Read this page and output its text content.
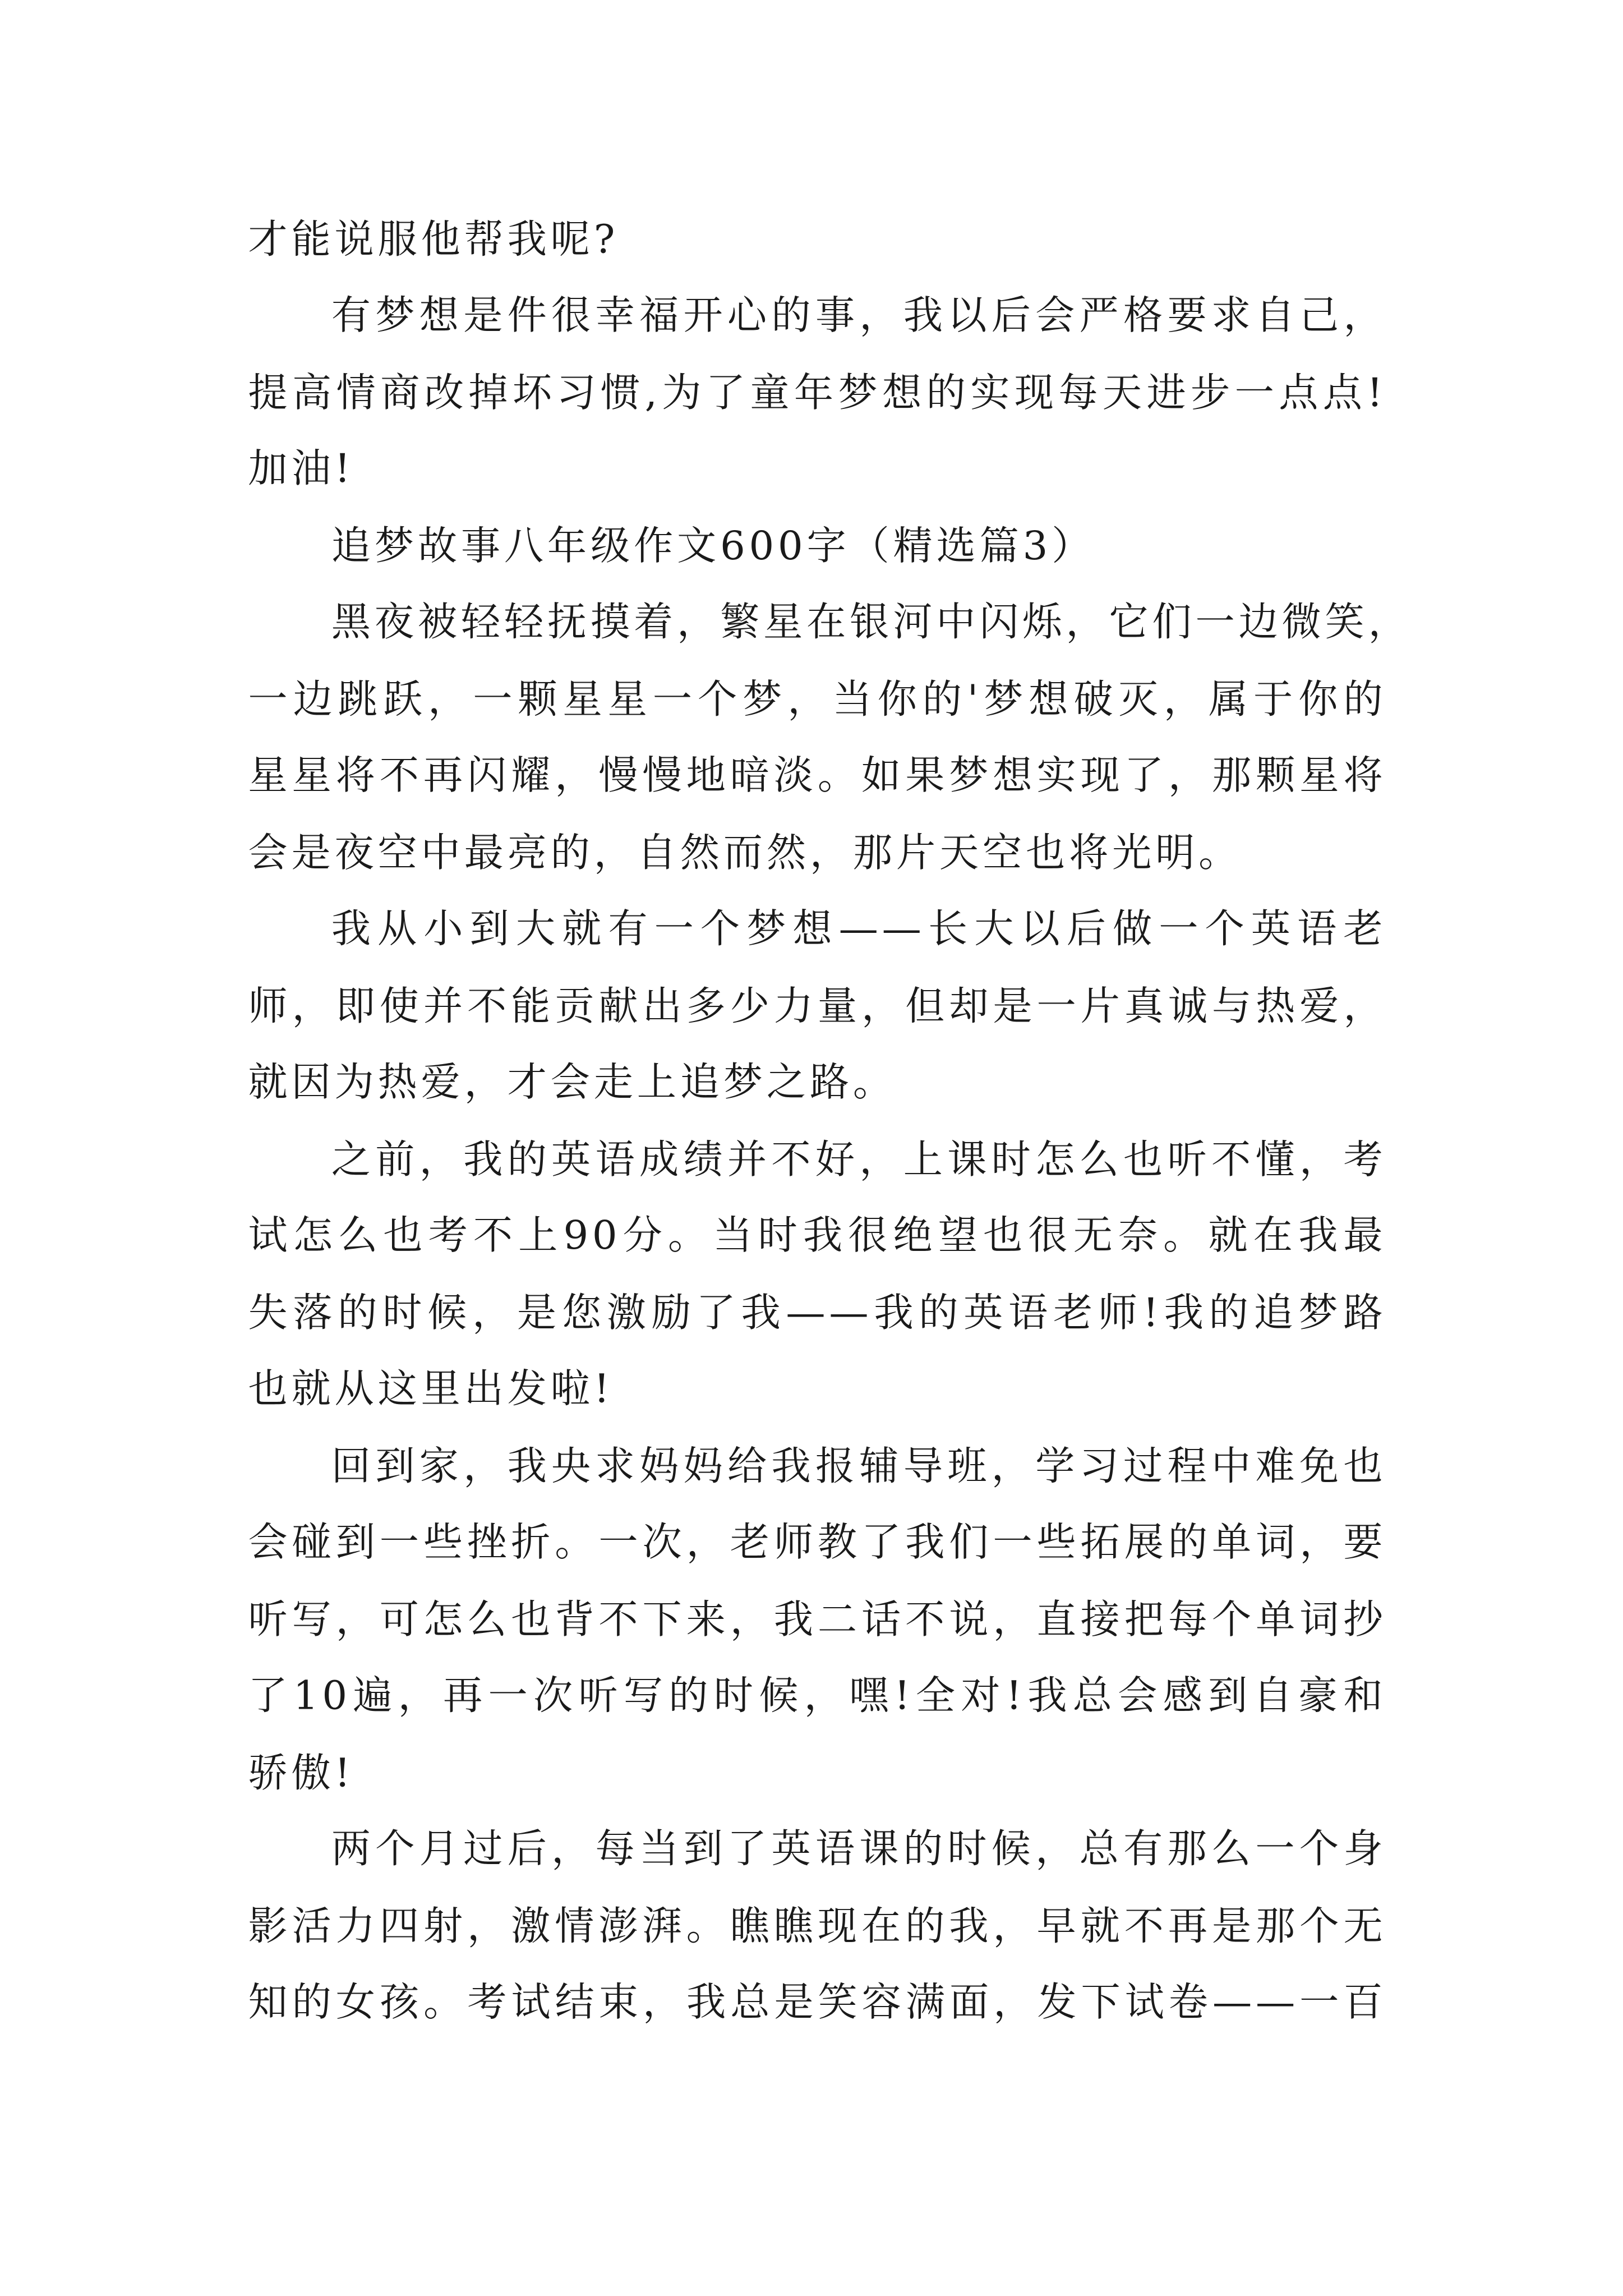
才能说服他帮我呢?
有梦想是件很幸福开心的事，我以后会严格要求自己，
提高情商改掉坏习惯,为了童年梦想的实现每天进步一点点!
加油!
追梦故事八年级作文600字（精选篇3）
黑夜被轻轻抚摸着，繁星在银河中闪烁，它们一边微笑，
一边跳跃，一颗星星一个梦，当你的'梦想破灭，属于你的
星星将不再闪耀，慢慢地暗淡。如果梦想实现了，那颗星将
会是夜空中最亮的，自然而然，那片天空也将光明。
我从小到大就有一个梦想——长大以后做一个英语老
师，即使并不能贡献出多少力量，但却是一片真诚与热爱，
就因为热爱，才会走上追梦之路。
之前，我的英语成绩并不好，上课时怎么也听不懂，考
试怎么也考不上90分。当时我很绝望也很无奈。就在我最
失落的时候，是您激励了我——我的英语老师!我的追梦路
也就从这里出发啦!
回到家，我央求妈妈给我报辅导班，学习过程中难免也
会碰到一些挫折。一次，老师教了我们一些拓展的单词，要
听写，可怎么也背不下来，我二话不说，直接把每个单词抄
了10遍，再一次听写的时候，嘿!全对!我总会感到自豪和
骄傲!
两个月过后，每当到了英语课的时候，总有那么一个身
影活力四射，激情澎湃。瞧瞧现在的我，早就不再是那个无
知的女孩。考试结束，我总是笑容满面，发下试卷——一百
